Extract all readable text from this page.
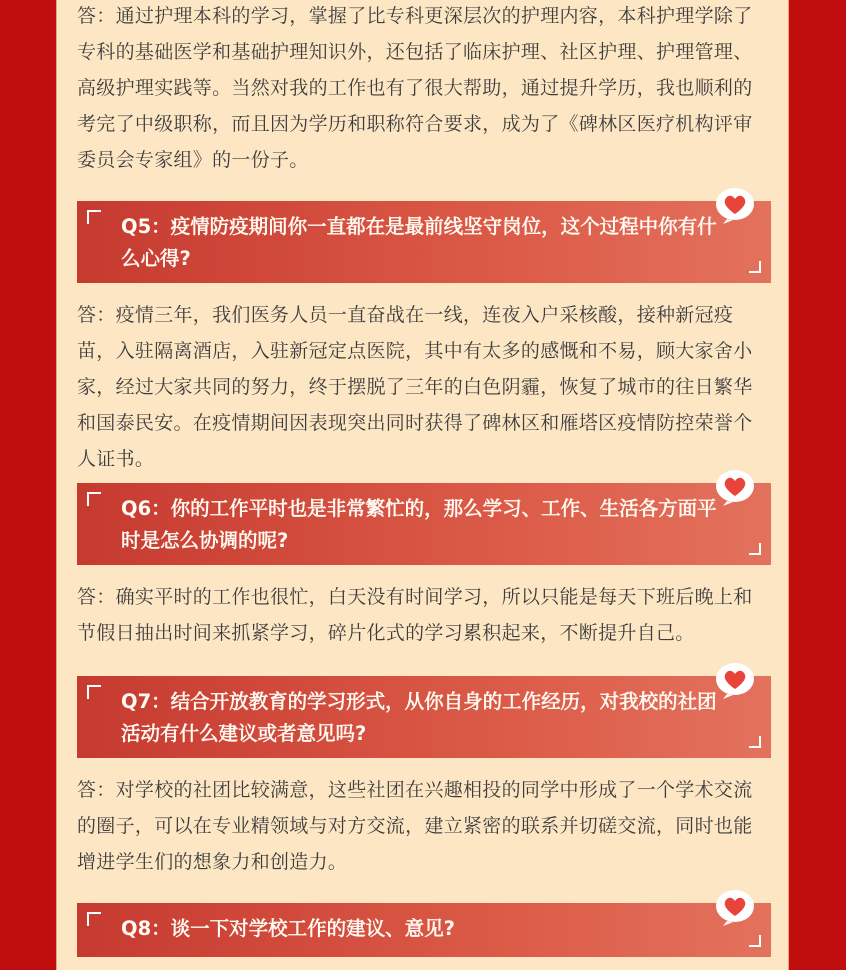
答：通过护理本科的学习，掌握了比专科更深层次的护理内容，本科护理学除了专科的基础医学和基础护理知识外，还包括了临床护理、社区护理、护理管理、高级护理实践等。当然对我的工作也有了很大帮助，通过提升学历，我也顺利的考完了中级职称，而且因为学历和职称符合要求，成为了《碑林区医疗机构评审委员会专家组》的一份子。

Q5：疫情防疫期间你一直都在是最前线坚守岗位，这个过程中你有什么心得?

答：疫情三年，我们医务人员一直奋战在一线，连夜入户采核酸，接种新冠疫苗，入驻隔离酒店，入驻新冠定点医院，其中有太多的感慨和不易，顾大家舍小家，经过大家共同的努力，终于摆脱了三年的白色阴霾，恢复了城市的往日繁华和国泰民安。在疫情期间因表现突出同时获得了碑林区和雁塔区疫情防控荣誉个人证书。

Q6：你的工作平时也是非常繁忙的，那么学习、工作、生活各方面平时是怎么协调的呢?

答：确实平时的工作也很忙，白天没有时间学习，所以只能是每天下班后晚上和节假日抽出时间来抓紧学习，碎片化式的学习累积起来，不断提升自己。

Q7：结合开放教育的学习形式，从你自身的工作经历，对我校的社团活动有什么建议或者意见吗?

答：对学校的社团比较满意，这些社团在兴趣相投的同学中形成了一个学术交流的圈子，可以在专业精领域与对方交流，建立紧密的联系并切磋交流，同时也能增进学生们的想象力和创造力。

Q8：谈一下对学校工作的建议、意见?
